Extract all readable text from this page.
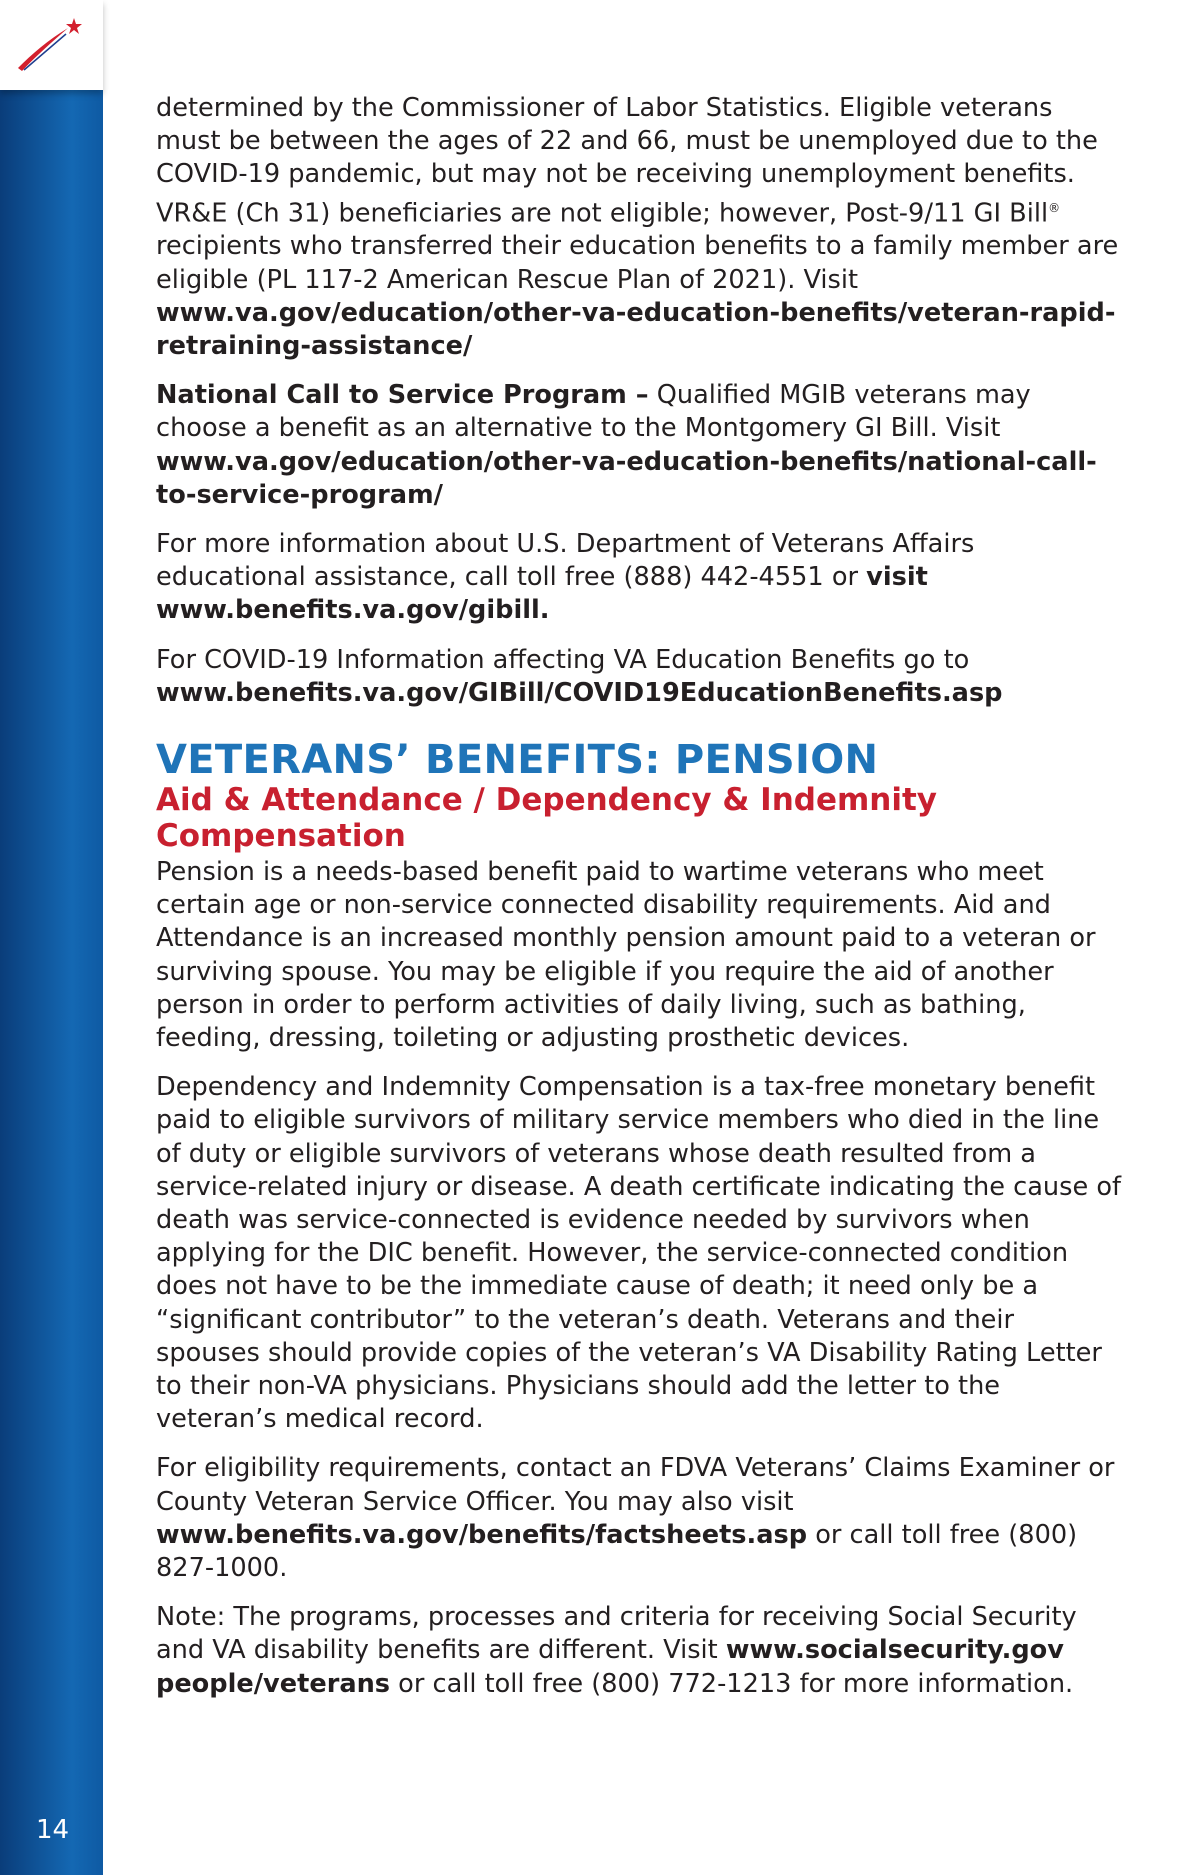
14

determined by the Commissioner of Labor Statistics. Eligible veterans must be between the ages of 22 and 66, must be unemployed due to the COVID-19 pandemic, but may not be receiving unemployment benefits. VR&E (Ch 31) beneficiaries are not eligible; however, Post-9/11 GI Bill® recipients who transferred their education benefits to a family member are eligible (PL 117-2 American Rescue Plan of 2021). Visit www.va.gov/education/other-va-education-benefits/veteran-rapid-retraining-assistance/

National Call to Service Program – Qualified MGIB veterans may choose a benefit as an alternative to the Montgomery GI Bill. Visit www.va.gov/education/other-va-education-benefits/national-call-to-service-program/

For more information about U.S. Department of Veterans Affairs educational assistance, call toll free (888) 442-4551 or visit www.benefits.va.gov/gibill.

For COVID-19 Information affecting VA Education Benefits go to www.benefits.va.gov/GIBill/COVID19EducationBenefits.asp

VETERANS’ BENEFITS: PENSION
Aid & Attendance / Dependency & Indemnity Compensation

Pension is a needs-based benefit paid to wartime veterans who meet certain age or non-service connected disability requirements. Aid and Attendance is an increased monthly pension amount paid to a veteran or surviving spouse. You may be eligible if you require the aid of another person in order to perform activities of daily living, such as bathing, feeding, dressing, toileting or adjusting prosthetic devices.

Dependency and Indemnity Compensation is a tax-free monetary benefit paid to eligible survivors of military service members who died in the line of duty or eligible survivors of veterans whose death resulted from a service-related injury or disease. A death certificate indicating the cause of death was service-connected is evidence needed by survivors when applying for the DIC benefit. However, the service-connected condition does not have to be the immediate cause of death; it need only be a “significant contributor” to the veteran’s death. Veterans and their spouses should provide copies of the veteran’s VA Disability Rating Letter to their non-VA physicians. Physicians should add the letter to the veteran’s medical record.

For eligibility requirements, contact an FDVA Veterans’ Claims Examiner or County Veteran Service Officer. You may also visit www.benefits.va.gov/benefits/factsheets.asp or call toll free (800) 827-1000.

Note: The programs, processes and criteria for receiving Social Security and VA disability benefits are different. Visit www.socialsecurity.gov people/veterans or call toll free (800) 772-1213 for more information.
